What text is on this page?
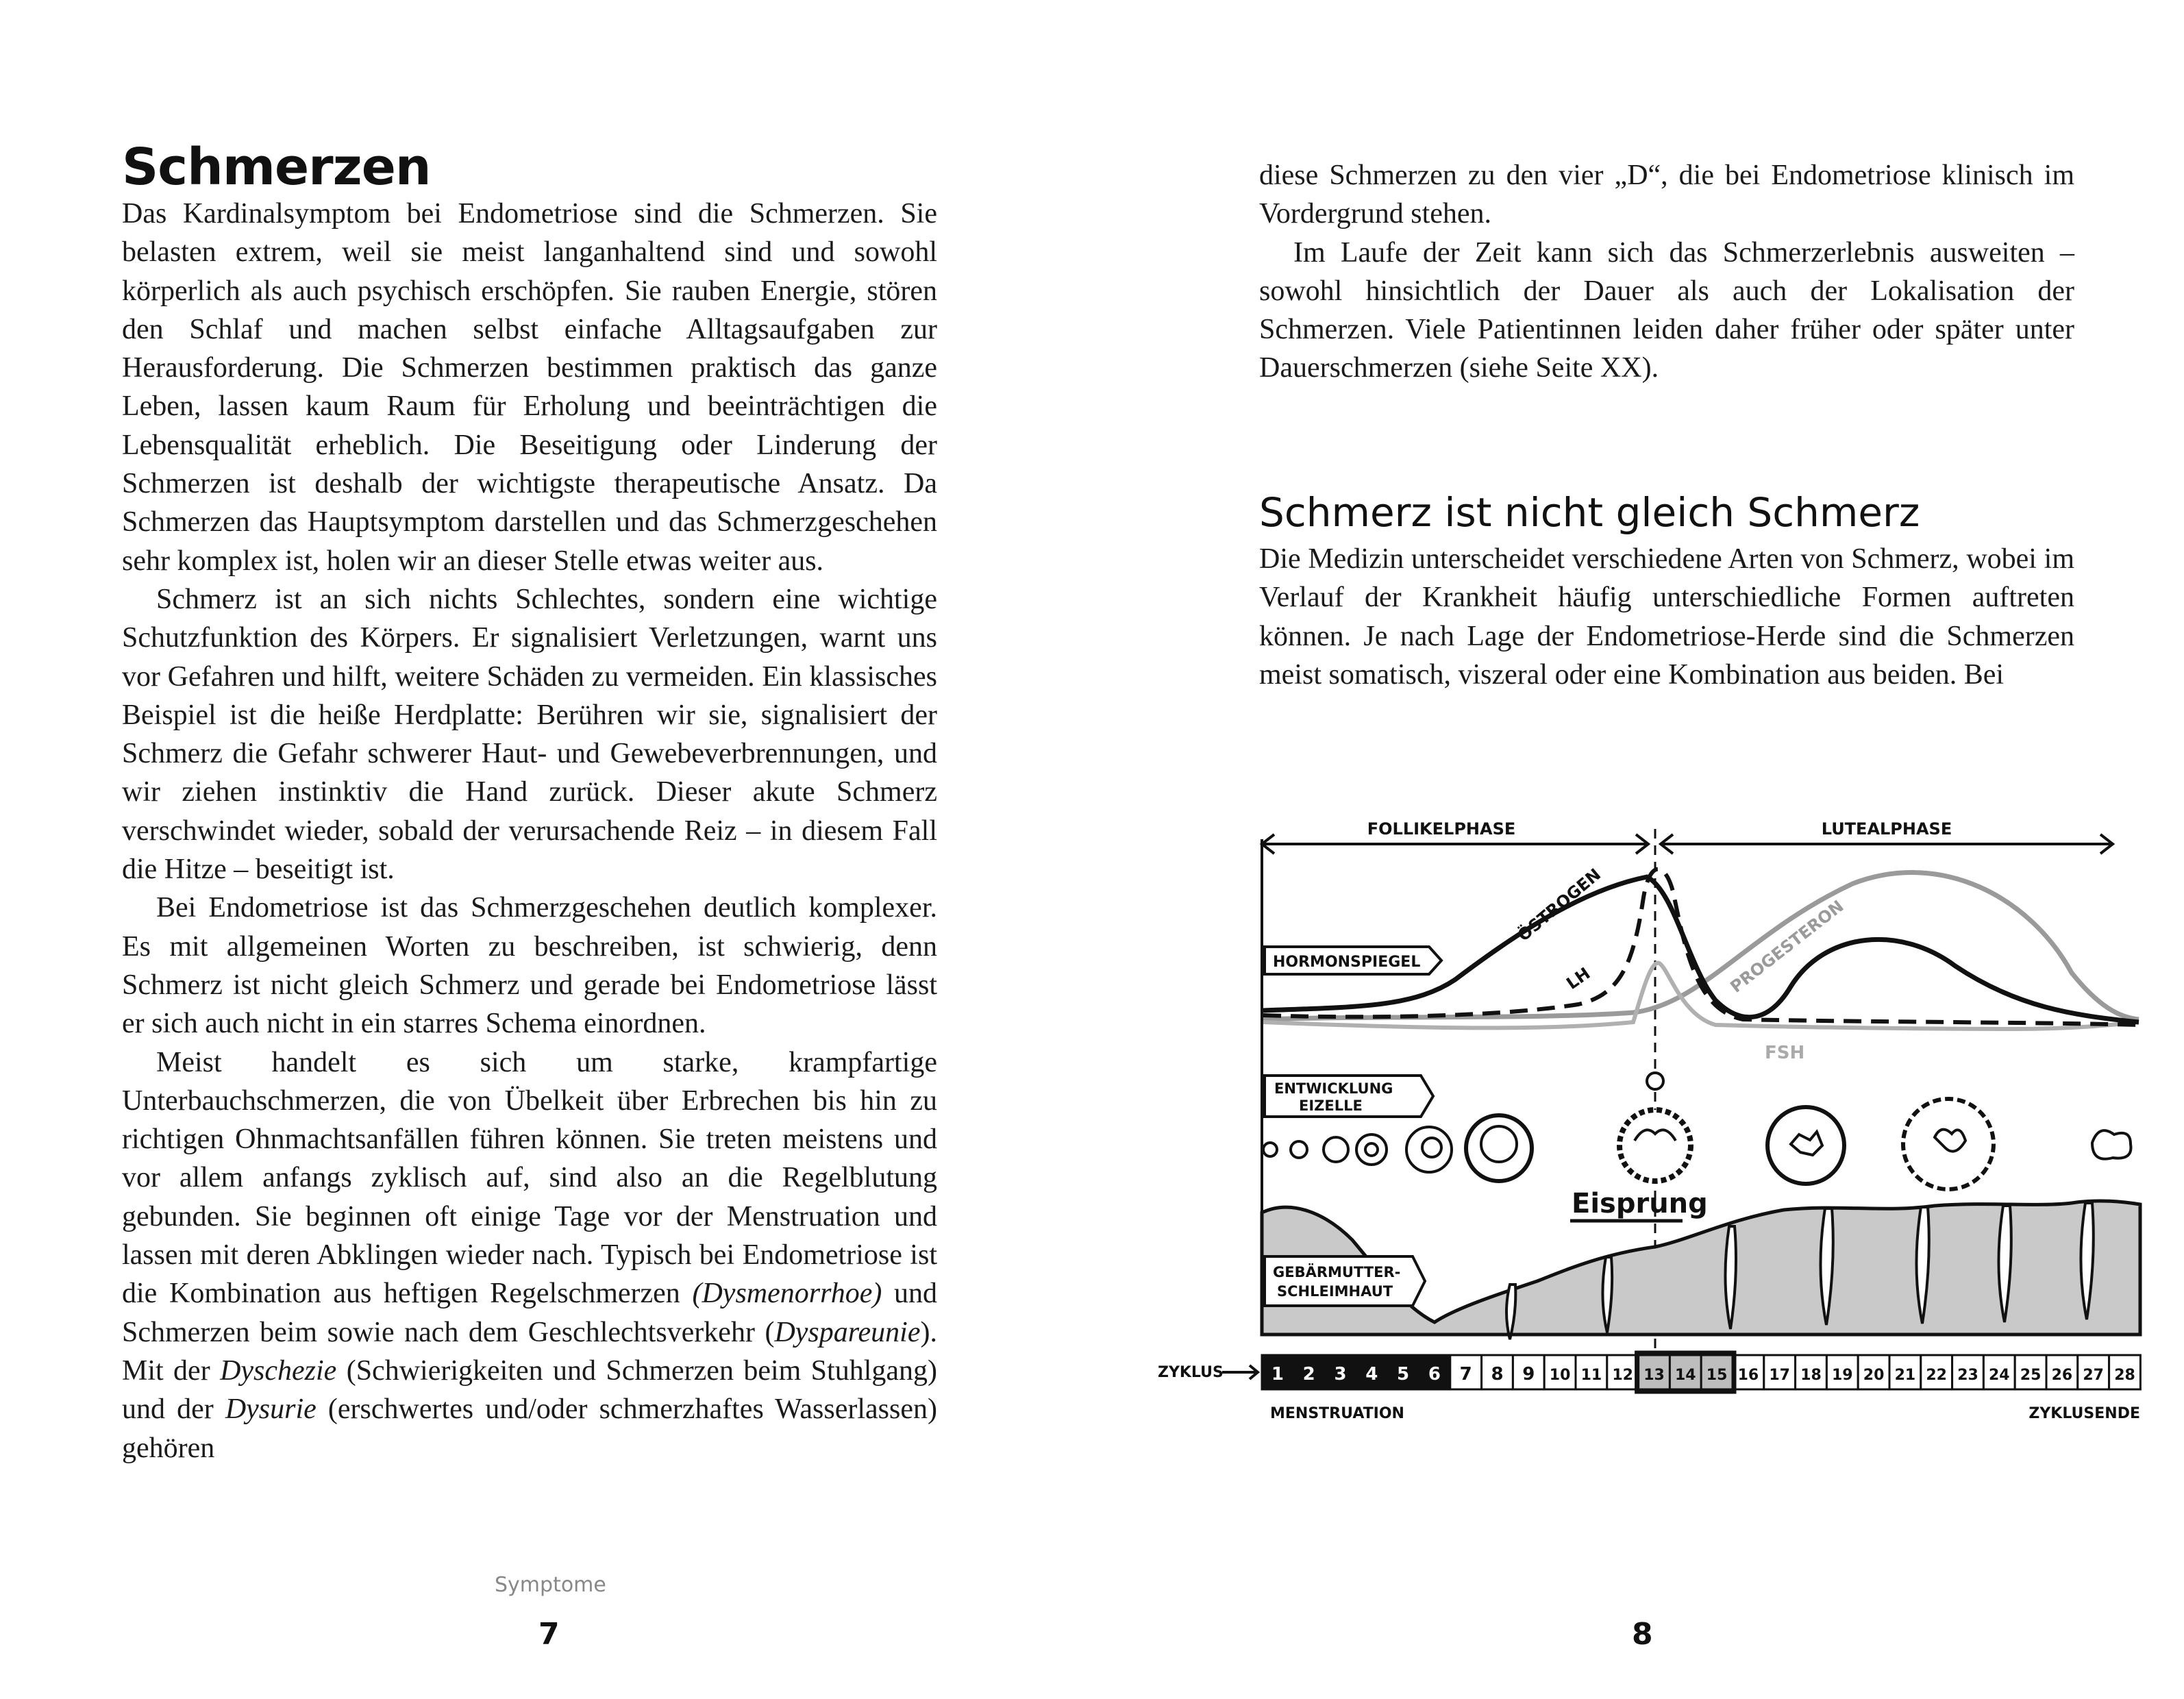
Schmerzen

Das Kardinalsymptom bei Endometriose sind die Schmerzen. Sie belasten extrem, weil sie meist langanhaltend sind und sowohl körperlich als auch psychisch erschöpfen. Sie rauben Energie, stören den Schlaf und machen selbst einfache Alltagsaufgaben zur Herausforderung. Die Schmerzen bestimmen praktisch das ganze Leben, lassen kaum Raum für Erholung und beeinträchtigen die Lebensqualität erheblich. Die Beseitigung oder Linderung der Schmerzen ist deshalb der wichtigste therapeutische Ansatz. Da Schmerzen das Hauptsymptom darstellen und das Schmerzgeschehen sehr komplex ist, holen wir an dieser Stelle etwas weiter aus.

Schmerz ist an sich nichts Schlechtes, sondern eine wichtige Schutzfunktion des Körpers. Er signalisiert Verletzungen, warnt uns vor Gefahren und hilft, weitere Schäden zu vermeiden. Ein klassisches Beispiel ist die heiße Herdplatte: Berühren wir sie, signalisiert der Schmerz die Gefahr schwerer Haut- und Gewebeverbrennungen, und wir ziehen instinktiv die Hand zurück. Dieser akute Schmerz verschwindet wieder, sobald der verursachende Reiz – in diesem Fall die Hitze – beseitigt ist.

Bei Endometriose ist das Schmerzgeschehen deutlich komplexer. Es mit allgemeinen Worten zu beschreiben, ist schwierig, denn Schmerz ist nicht gleich Schmerz und gerade bei Endometriose lässt er sich auch nicht in ein starres Schema einordnen.

Meist handelt es sich um starke, krampfartige Unterbauchschmerzen, die von Übelkeit über Erbrechen bis hin zu richtigen Ohnmachtsanfällen führen können. Sie treten meistens und vor allem anfangs zyklisch auf, sind also an die Regelblutung gebunden. Sie beginnen oft einige Tage vor der Menstruation und lassen mit deren Abklingen wieder nach. Typisch bei Endometriose ist die Kombination aus heftigen Regelschmerzen (Dysmenorrhoe) und Schmerzen beim sowie nach dem Geschlechtsverkehr (Dyspareunie). Mit der Dyschezie (Schwierigkeiten und Schmerzen beim Stuhlgang) und der Dysurie (erschwertes und/oder schmerzhaftes Wasserlassen) gehören

Symptome
7

diese Schmerzen zu den vier „D“, die bei Endometriose klinisch im Vordergrund stehen.

Im Laufe der Zeit kann sich das Schmerzerlebnis ausweiten – sowohl hinsichtlich der Dauer als auch der Lokalisation der Schmerzen. Viele Patientinnen leiden daher früher oder später unter Dauerschmerzen (siehe Seite XX).

Schmerz ist nicht gleich Schmerz

Die Medizin unterscheidet verschiedene Arten von Schmerz, wobei im Verlauf der Krankheit häufig unterschiedliche Formen auftreten können. Je nach Lage der Endometriose-Herde sind die Schmerzen meist somatisch, viszeral oder eine Kombination aus beiden. Bei

FOLLIKELPHASE	LUTEALPHASE
ÖSTROGEN
LH	PROGESTERON
FSH
HORMONSPIEGEL
ENTWICKLUNG
EIZELLE
Eisprung
GEBÄRMUTTER-
SCHLEIMHAUT
ZYKLUS	1 2 3 4 5 6 7 8 9 10 11 12 13 14 15 16 17 18 19 20 21 22 23 24 25 26 27 28
MENSTRUATION	ZYKLUSENDE
8
